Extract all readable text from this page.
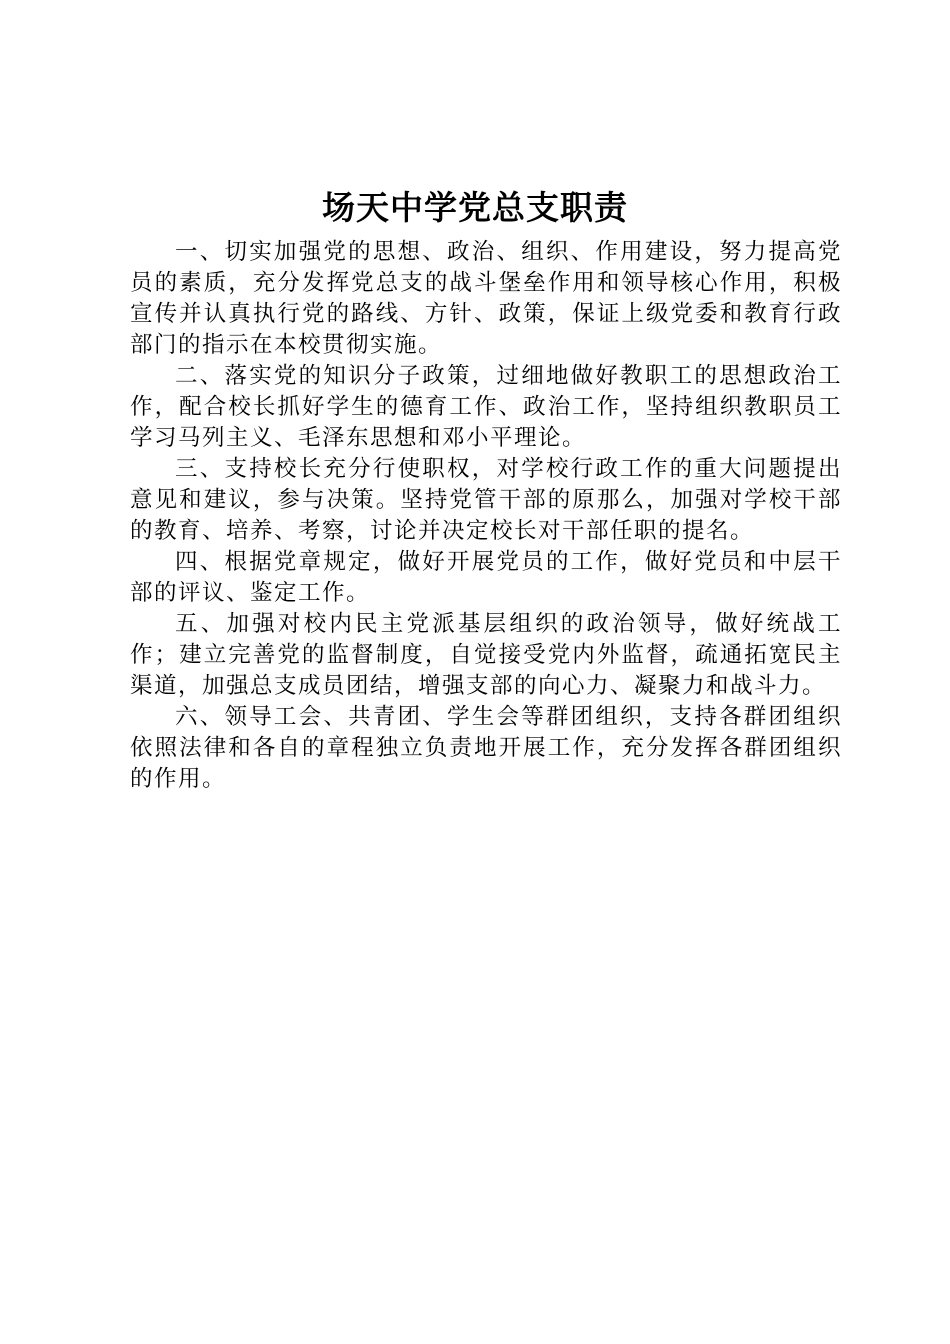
场天中学党总支职责

一、切实加强党的思想、政治、组织、作用建设，努力提高党员的素质，充分发挥党总支的战斗堡垒作用和领导核心作用，积极宣传并认真执行党的路线、方针、政策，保证上级党委和教育行政部门的指示在本校贯彻实施。

二、落实党的知识分子政策，过细地做好教职工的思想政治工作，配合校长抓好学生的德育工作、政治工作，坚持组织教职员工学习马列主义、毛泽东思想和邓小平理论。

三、支持校长充分行使职权，对学校行政工作的重大问题提出意见和建议，参与决策。坚持党管干部的原那么，加强对学校干部的教育、培养、考察，讨论并决定校长对干部任职的提名。

四、根据党章规定，做好开展党员的工作，做好党员和中层干部的评议、鉴定工作。

五、加强对校内民主党派基层组织的政治领导，做好统战工作；建立完善党的监督制度，自觉接受党内外监督，疏通拓宽民主渠道，加强总支成员团结，增强支部的向心力、凝聚力和战斗力。

六、领导工会、共青团、学生会等群团组织，支持各群团组织依照法律和各自的章程独立负责地开展工作，充分发挥各群团组织的作用。
